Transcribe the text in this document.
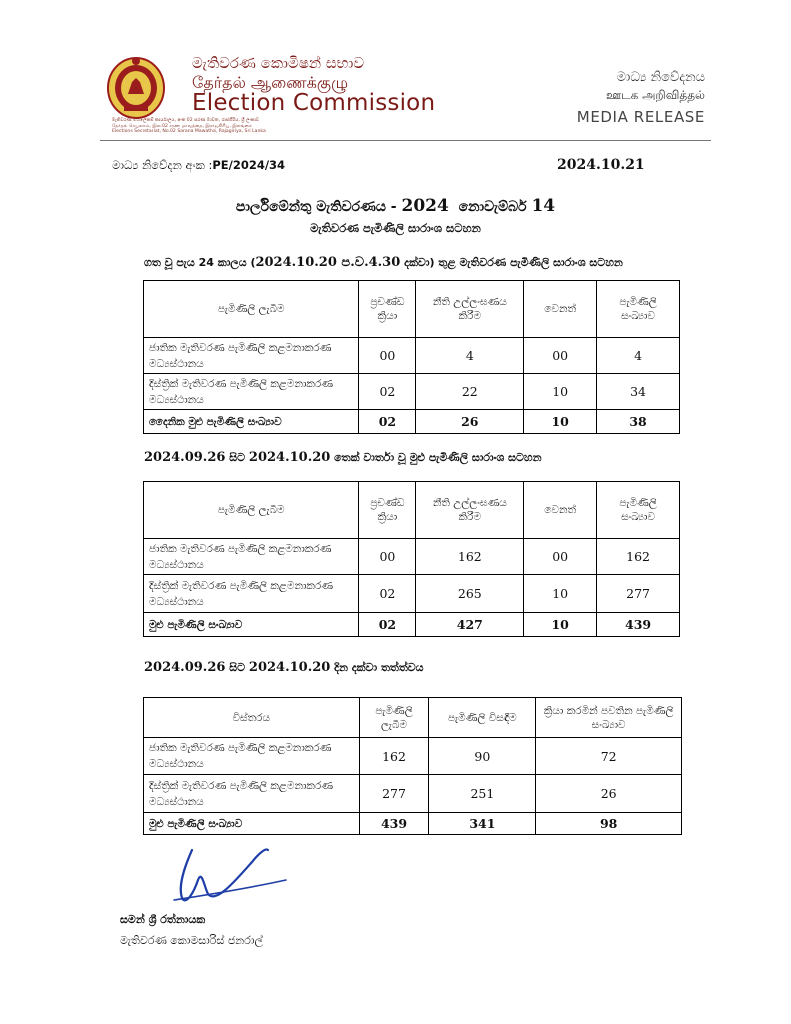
මැතිවරණ කොමිෂන් සභාව
தேர்தல் ஆணைக்குழு
Election Commission
මැතිවරණ මහලේකම් කාර්යාලය, අංක 02 සරණ මාවත, රාජගිරිය, ශ්‍රී ලංකාව
தேர்தல் செயலகம், இல.02 சரண மாவத்தை, இராஜகிரிய, இலங்கை
Elections Secretariat, No.02 Sarana Mawatha, Rajagiriya, Sri Lanka
මාධ්‍ය නිවේදනය
ஊடக அறிவித்தல்
MEDIA RELEASE
මාධ්‍ය නිවේදන අංක :PE/2024/34	2024.10.21
පාර්ලිමේන්තු මැතිවරණය - 2024 නොවැම්බර් 14
මැතිවරණ පැමිණිලි සාරාංශ සටහන
ගත වූ පැය 24 කාලය (2024.10.20 ප.ව.4.30 දක්වා) තුළ මැතිවරණ පැමිණිලි සාරාංශ සටහන
පැමිණිලි ලැබීම	ප්‍රචණ්ඩ ක්‍රියා	නීති උල්ලංඝණය කිරීම	වෙනත්	පැමිණිලි සංඛ්‍යාව
ජාතික මැතිවරණ පැමිණිලි කළමනාකරණ මධ්‍යස්ථානය	00	4	00	4
දිස්ත්‍රික් මැතිවරණ පැමිණිලි කළමනාකරණ මධ්‍යස්ථානය	02	22	10	34
දෛනික මුළු පැමිණිලි සංඛ්‍යාව	02	26	10	38
2024.09.26 සිට 2024.10.20 තෙක් වාර්තා වූ මුළු පැමිණිලි සාරාංශ සටහන
පැමිණිලි ලැබීම	ප්‍රචණ්ඩ ක්‍රියා	නීති උල්ලංඝණය කිරීම	වෙනත්	පැමිණිලි සංඛ්‍යාව
ජාතික මැතිවරණ පැමිණිලි කළමනාකරණ මධ්‍යස්ථානය	00	162	00	162
දිස්ත්‍රික් මැතිවරණ පැමිණිලි කළමනාකරණ මධ්‍යස්ථානය	02	265	10	277
මුළු පැමිණිලි සංඛ්‍යාව	02	427	10	439
2024.09.26 සිට 2024.10.20 දින දක්වා තත්ත්වය
විස්තරය	පැමිණිලි ලැබීම	පැමිණිලි විසඳීම	ක්‍රියා කරමින් පවතින පැමිණිලි සංඛ්‍යාව
ජාතික මැතිවරණ පැමිණිලි කළමනාකරණ මධ්‍යස්ථානය	162	90	72
දිස්ත්‍රික් මැතිවරණ පැමිණිලි කළමනාකරණ මධ්‍යස්ථානය	277	251	26
මුළු පැමිණිලි සංඛ්‍යාව	439	341	98
සමන් ශ්‍රී රත්නායක
මැතිවරණ කොමසාරිස් ජනරාල්
